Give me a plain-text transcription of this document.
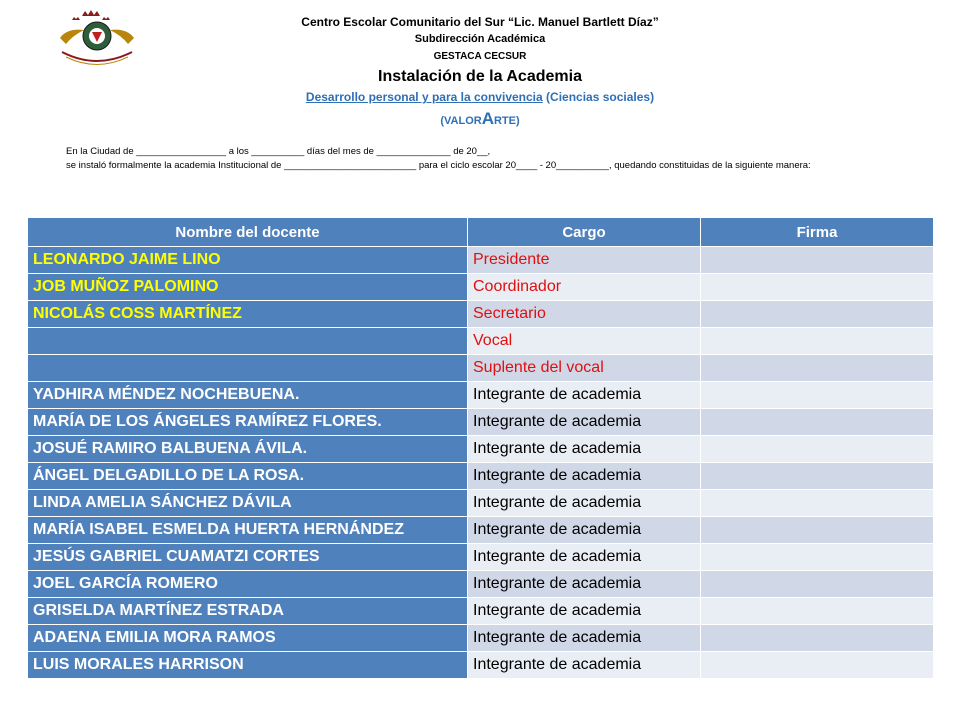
Centro Escolar Comunitario del Sur “Lic. Manuel Bartlett Díaz”
Subdirección Académica
GESTACA CECSUR
Instalación de la Academia
Desarrollo personal y para la convivencia (Ciencias sociales)
(VALORARTE)
En la Ciudad de _________________ a los __________ días del mes de ______________ de 20__,
se instaló formalmente la academia Institucional de _________________________ para el ciclo escolar 20____ - 20__________, quedando constituidas de la siguiente manera:
Nombre del docente	Cargo	Firma
LEONARDO JAIME LINO	Presidente	
JOB MUÑOZ PALOMINO	Coordinador	
NICOLÁS COSS MARTÍNEZ	Secretario	
	Vocal	
	Suplente del vocal	
YADHIRA MÉNDEZ NOCHEBUENA.	Integrante de academia	
MARÍA DE LOS ÁNGELES RAMÍREZ FLORES.	Integrante de academia	
JOSUÉ RAMIRO BALBUENA ÁVILA.	Integrante de academia	
ÁNGEL DELGADILLO DE LA ROSA.	Integrante de academia	
LINDA AMELIA SÁNCHEZ DÁVILA	Integrante de academia	
MARÍA ISABEL ESMELDA HUERTA HERNÁNDEZ	Integrante de academia	
JESÚS GABRIEL CUAMATZI CORTES	Integrante de academia	
JOEL GARCÍA ROMERO	Integrante de academia	
GRISELDA MARTÍNEZ ESTRADA	Integrante de academia	
ADAENA EMILIA MORA RAMOS	Integrante de academia	
LUIS MORALES HARRISON	Integrante de academia	
